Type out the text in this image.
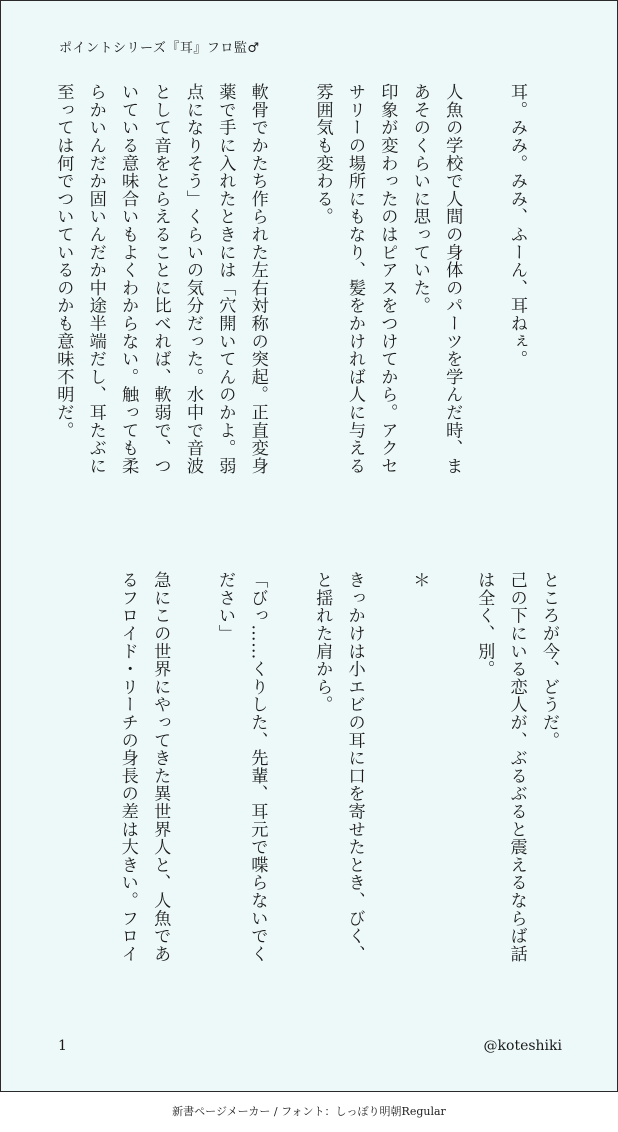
ポイントシリーズ『耳』フロ監♂
耳。みみ。みみ、ふーん、耳ねぇ。
人魚の学校で人間の身体のパーツを学んだ時、ま
あそのくらいに思っていた。
印象が変わったのはピアスをつけてから。アクセ
サリーの場所にもなり、髪をかければ人に与える
雰囲気も変わる。
軟骨でかたち作られた左右対称の突起。正直変身
薬で手に入れたときには「穴開いてんのかよ。弱
点になりそう」くらいの気分だった。水中で音波
として音をとらえることに比べれば、軟弱で、つ
いている意味合いもよくわからない。触っても柔
らかいんだか固いんだか中途半端だし、耳たぶに
至っては何でついているのかも意味不明だ。
ところが今、どうだ。
己の下にいる恋人が、ぶるぶると震えるならば話
は全く、別。
＊
きっかけは小エビの耳に口を寄せたとき、びく、
と揺れた肩から。
「びっ……くりした、先輩、耳元で喋らないでく
ださい」
急にこの世界にやってきた異世界人と、人魚であ
るフロイド・リーチの身長の差は大きい。フロイ
1	@koteshiki
新書ページメーカー / フォント：しっぽり明朝Regular
